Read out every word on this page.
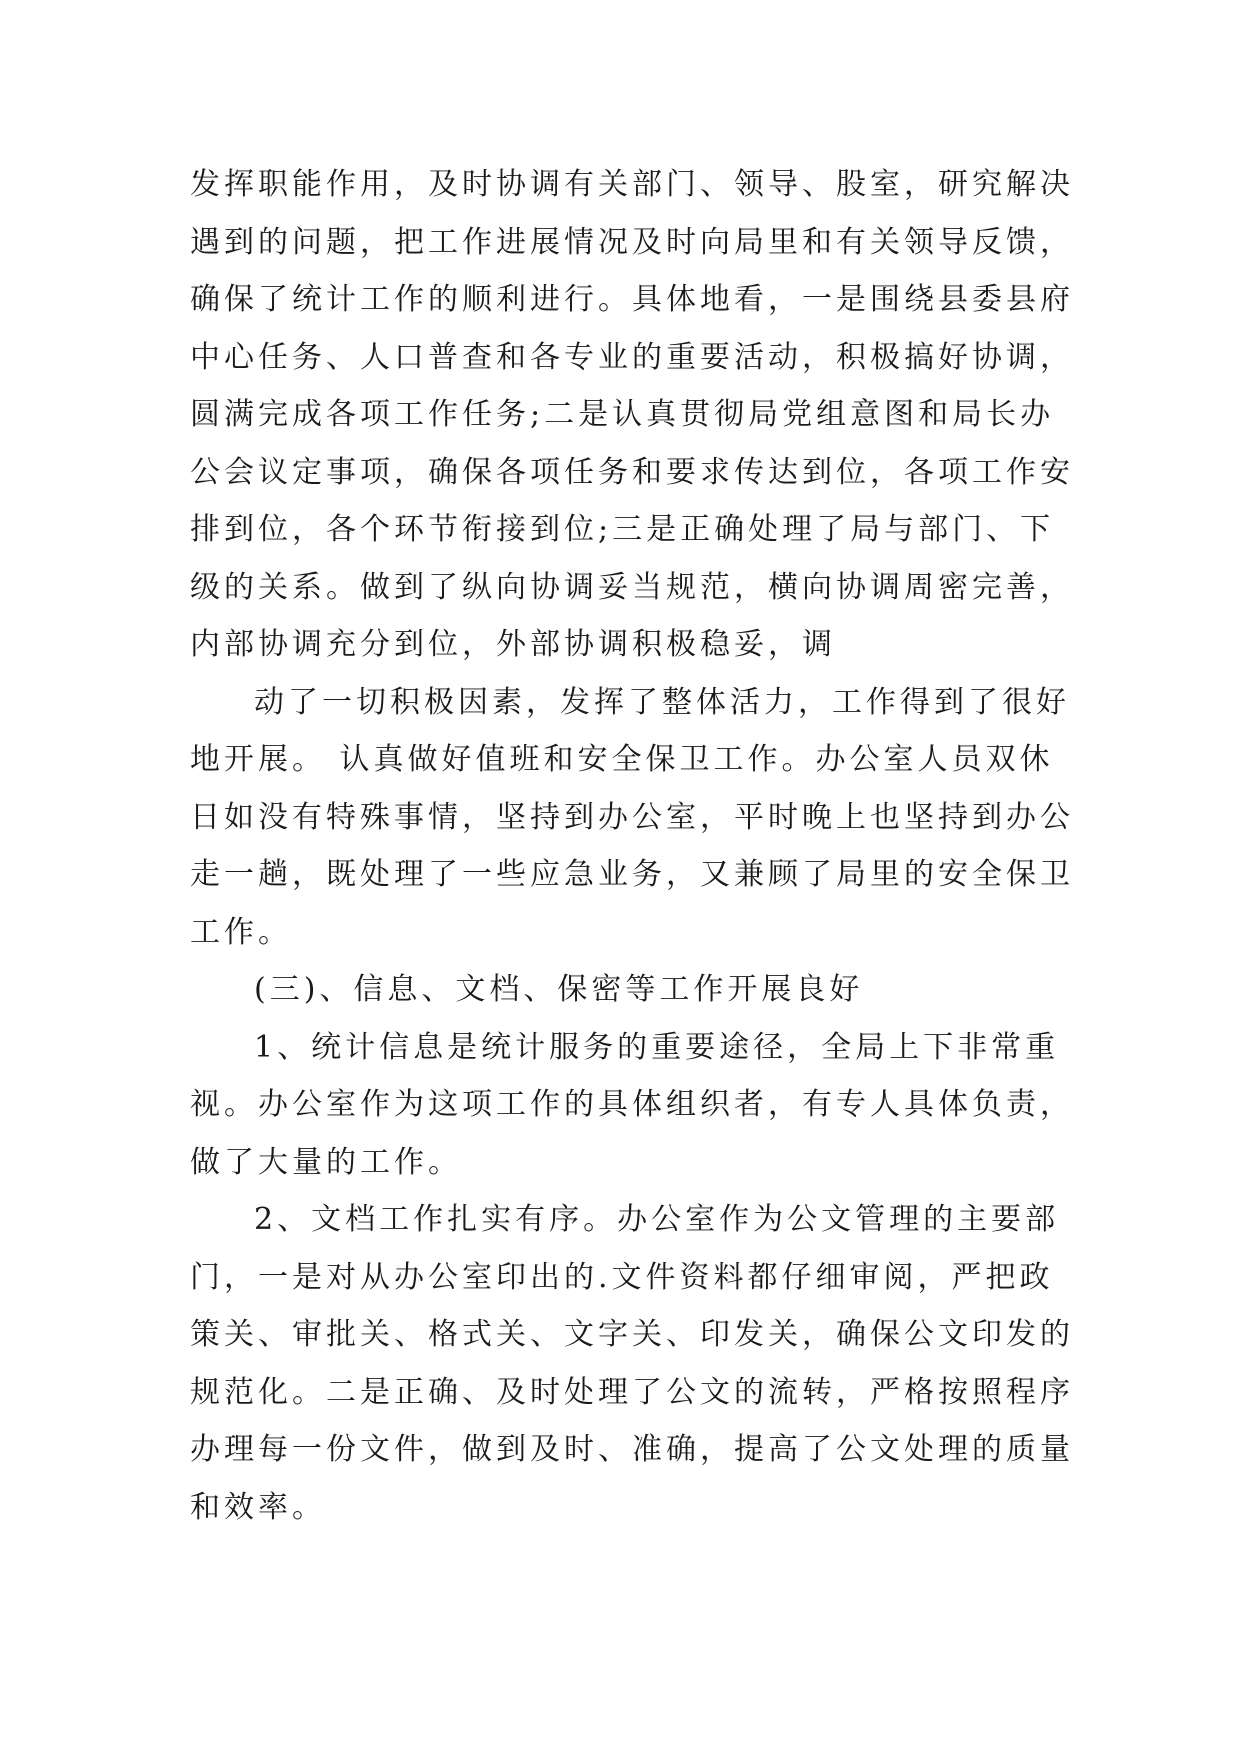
发挥职能作用，及时协调有关部门、领导、股室，研究解决
遇到的问题，把工作进展情况及时向局里和有关领导反馈，
确保了统计工作的顺利进行。具体地看，一是围绕县委县府
中心任务、人口普查和各专业的重要活动，积极搞好协调，
圆满完成各项工作任务;二是认真贯彻局党组意图和局长办
公会议定事项，确保各项任务和要求传达到位，各项工作安
排到位，各个环节衔接到位;三是正确处理了局与部门、下
级的关系。做到了纵向协调妥当规范，横向协调周密完善，
内部协调充分到位，外部协调积极稳妥，调
动了一切积极因素，发挥了整体活力，工作得到了很好
地开展。 认真做好值班和安全保卫工作。办公室人员双休
日如没有特殊事情，坚持到办公室，平时晚上也坚持到办公
走一趟，既处理了一些应急业务，又兼顾了局里的安全保卫
工作。
(三)、信息、文档、保密等工作开展良好
1、统计信息是统计服务的重要途径，全局上下非常重
视。办公室作为这项工作的具体组织者，有专人具体负责，
做了大量的工作。
2、文档工作扎实有序。办公室作为公文管理的主要部
门，一是对从办公室印出的.文件资料都仔细审阅，严把政
策关、审批关、格式关、文字关、印发关，确保公文印发的
规范化。二是正确、及时处理了公文的流转，严格按照程序
办理每一份文件，做到及时、准确，提高了公文处理的质量
和效率。
